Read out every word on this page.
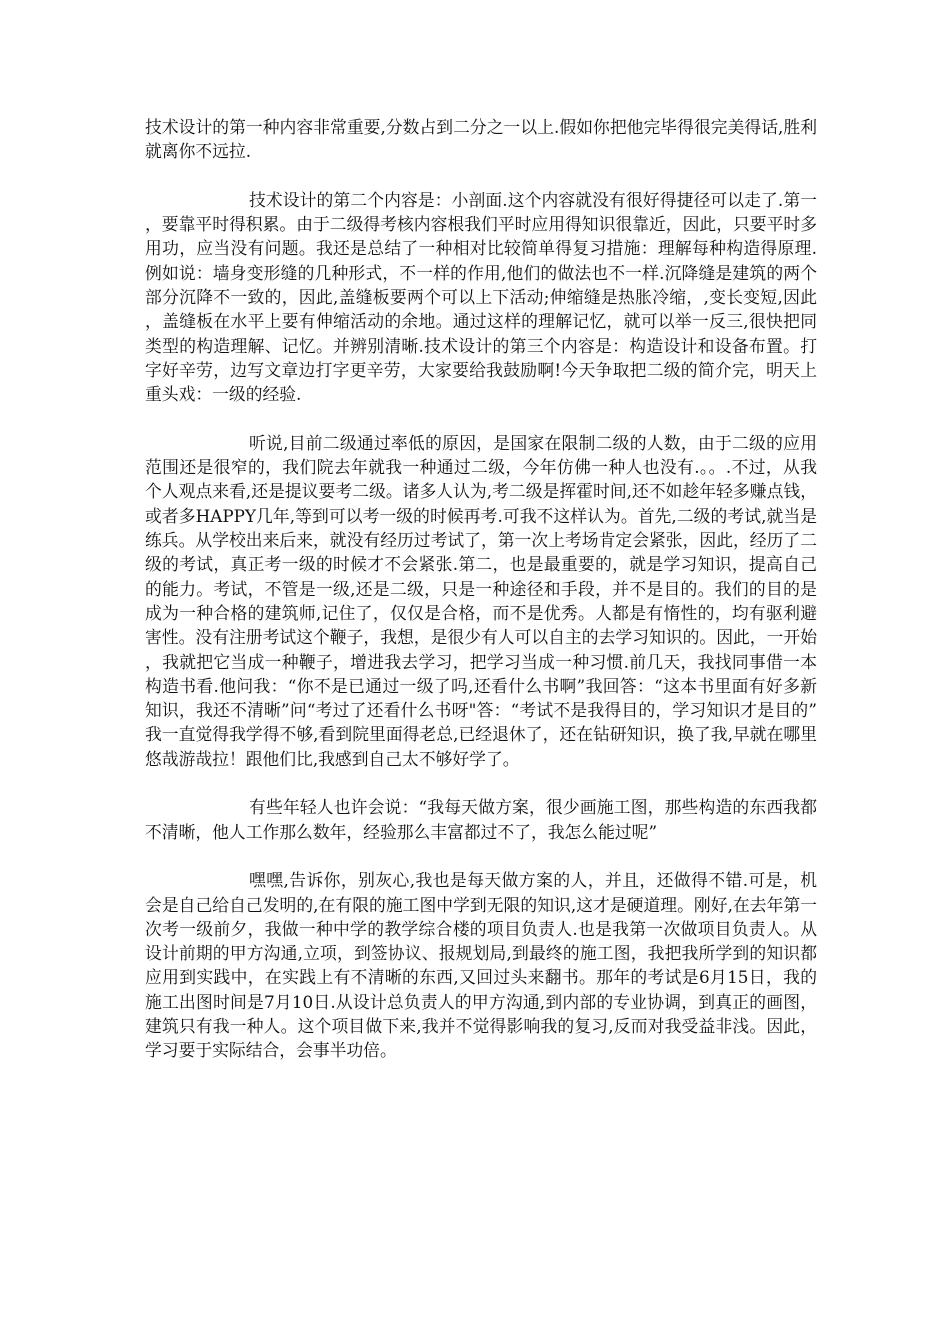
技术设计的第一种内容非常重要,分数占到二分之一以上.假如你把他完毕得很完美得话,胜利就离你不远拉.

技术设计的第二个内容是：小剖面.这个内容就没有很好得捷径可以走了.第一，要靠平时得积累。由于二级得考核内容根我们平时应用得知识很靠近，因此，只要平时多用功，应当没有问题。我还是总结了一种相对比较简单得复习措施：理解每种构造得原理.例如说：墙身变形缝的几种形式，不一样的作用,他们的做法也不一样.沉降缝是建筑的两个部分沉降不一致的，因此,盖缝板要两个可以上下活动;伸缩缝是热胀冷缩，,变长变短,因此，盖缝板在水平上要有伸缩活动的余地。通过这样的理解记忆，就可以举一反三,很快把同类型的构造理解、记忆。并辨别清晰.技术设计的第三个内容是：构造设计和设备布置。打字好辛劳，边写文章边打字更辛劳，大家要给我鼓励啊!今天争取把二级的简介完，明天上重头戏：一级的经验.

听说,目前二级通过率低的原因，是国家在限制二级的人数，由于二级的应用范围还是很窄的，我们院去年就我一种通过二级，今年仿佛一种人也没有.。。.不过，从我个人观点来看,还是提议要考二级。诸多人认为,考二级是挥霍时间,还不如趁年轻多赚点钱，或者多HAPPY几年,等到可以考一级的时候再考.可我不这样认为。首先,二级的考试,就当是练兵。从学校出来后来，就没有经历过考试了，第一次上考场肯定会紧张，因此，经历了二级的考试，真正考一级的时候才不会紧张.第二，也是最重要的，就是学习知识，提高自己的能力。考试，不管是一级,还是二级，只是一种途径和手段，并不是目的。我们的目的是成为一种合格的建筑师,记住了，仅仅是合格，而不是优秀。人都是有惰性的，均有驱利避害性。没有注册考试这个鞭子，我想，是很少有人可以自主的去学习知识的。因此，一开始，我就把它当成一种鞭子，增进我去学习，把学习当成一种习惯.前几天，我找同事借一本构造书看.他问我：“你不是已通过一级了吗,还看什么书啊”我回答：“这本书里面有好多新知识，我还不清晰”问“考过了还看什么书呀"答：“考试不是我得目的，学习知识才是目的”我一直觉得我学得不够,看到院里面得老总,已经退休了，还在钻研知识，换了我,早就在哪里悠哉游哉拉！跟他们比,我感到自己太不够好学了。

有些年轻人也许会说：“我每天做方案，很少画施工图，那些构造的东西我都不清晰，他人工作那么数年，经验那么丰富都过不了，我怎么能过呢”

嘿嘿,告诉你，别灰心,我也是每天做方案的人，并且，还做得不错.可是，机会是自己给自己发明的,在有限的施工图中学到无限的知识,这才是硬道理。刚好,在去年第一次考一级前夕，我做一种中学的教学综合楼的项目负责人.也是我第一次做项目负责人。从设计前期的甲方沟通,立项，到签协议、报规划局,到最终的施工图，我把我所学到的知识都应用到实践中，在实践上有不清晰的东西,又回过头来翻书。那年的考试是6月15日，我的施工出图时间是7月10日.从设计总负责人的甲方沟通,到内部的专业协调，到真正的画图，建筑只有我一种人。这个项目做下来,我并不觉得影响我的复习,反而对我受益非浅。因此，学习要于实际结合，会事半功倍。
